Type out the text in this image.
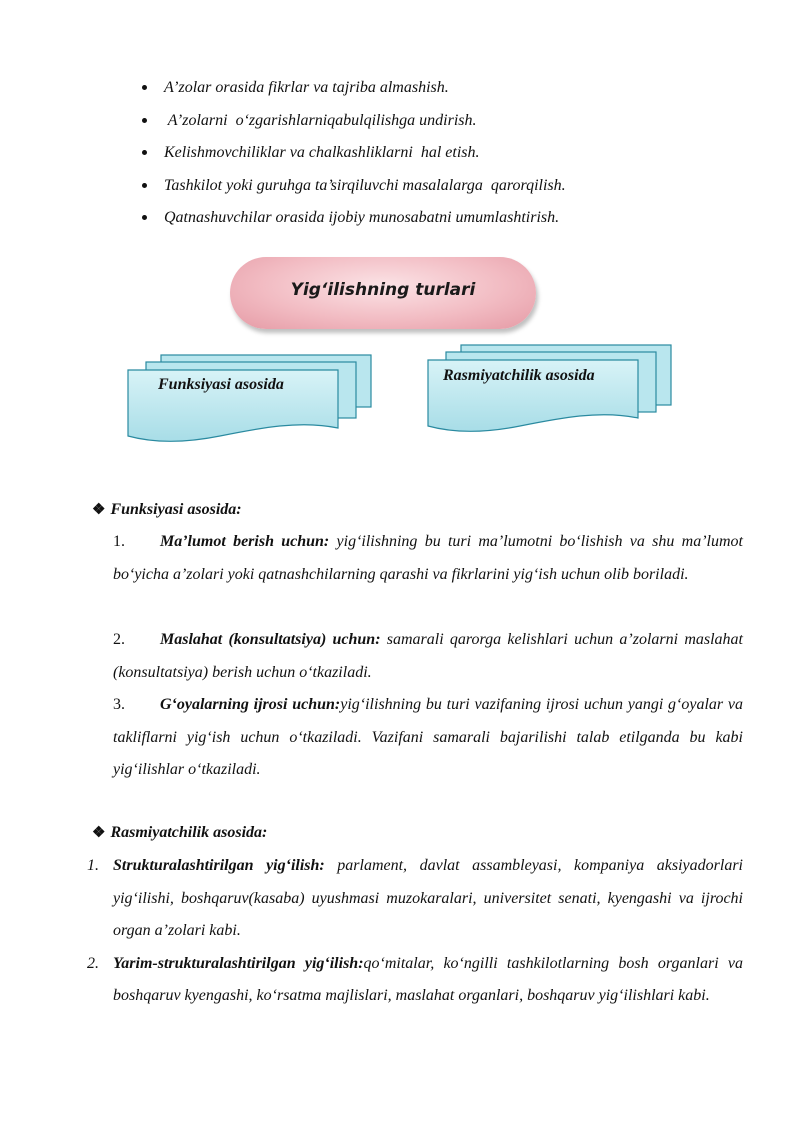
A’zolar orasida fikrlar va tajriba almashish.
A’zolarni  o‘zgarishlarniqabulqilishga undirish.
Kelishmovchiliklar va chalkashliklarni  hal etish.
Tashkilot yoki guruhga ta’sirqiluvchi masalalarga  qarorqilish.
Qatnashuvchilar orasida ijobiy munosabatni umumlashtirish.
Yig‘ilishning turlari
Funksiyasi asosida
Rasmiyatchilik asosida
❖ Funksiyasi asosida:
1. Ma’lumot berish uchun: yig‘ilishning bu turi ma’lumotni bo‘lishish va shu ma’lumot bo‘yicha a’zolari yoki qatnashchilarning qarashi va fikrlarini yig‘ish uchun olib boriladi.
2. Maslahat (konsultatsiya) uchun: samarali qarorga kelishlari uchun a’zolarni maslahat (konsultatsiya) berish uchun o‘tkaziladi.
3. G‘oyalarning ijrosi uchun:yig‘ilishning bu turi vazifaning ijrosi uchun yangi g‘oyalar va takliflarni yig‘ish uchun o‘tkaziladi. Vazifani samarali bajarilishi talab etilganda bu kabi yig‘ilishlar o‘tkaziladi.
❖ Rasmiyatchilik asosida:
1. Strukturalashtirilgan yig‘ilish: parlament, davlat assambleyasi, kompaniya aksiyadorlari yig‘ilishi, boshqaruv(kasaba) uyushmasi muzokaralari, universitet senati, kyengashi va ijrochi organ a’zolari kabi.
2. Yarim-strukturalashtirilgan yig‘ilish:qo‘mitalar, ko‘ngilli tashkilotlarning bosh organlari va boshqaruv kyengashi, ko‘rsatma majlislari, maslahat organlari, boshqaruv yig‘ilishlari kabi.
